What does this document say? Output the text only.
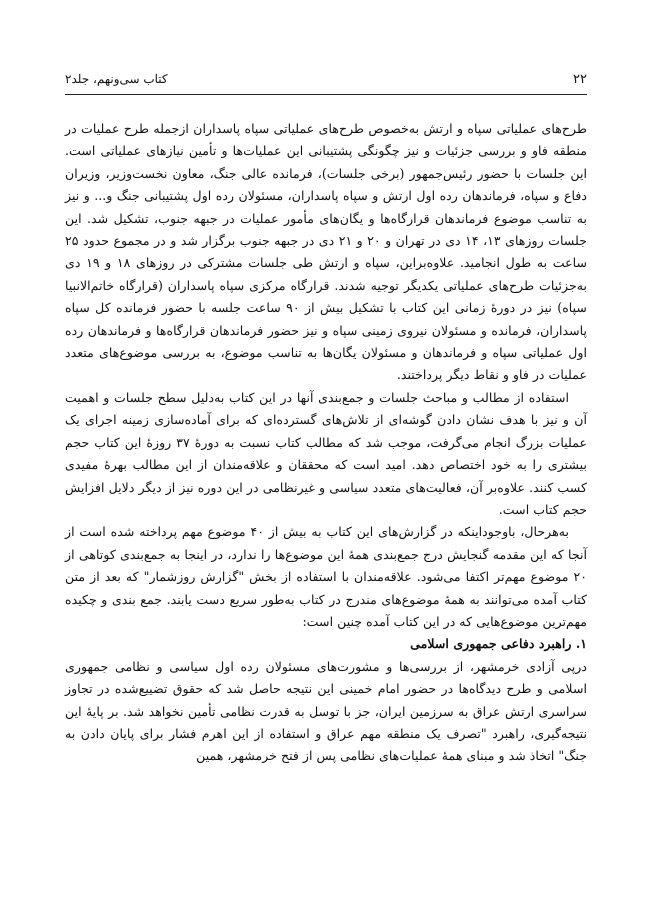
۲۲
کتاب سی‌ونهم، جلد۲

طرح‌های عملیاتی سپاه و ارتش به‌خصوص طرح‌های عملیاتی سپاه پاسداران ازجمله طرح عملیات در منطقه فاو و بررسی جزئیات و نیز چگونگی پشتیبانی این عملیات‌ها و تأمین نیازهای عملیاتی است. این جلسات با حضور رئیس‌جمهور (برخی جلسات)، فرمانده عالی جنگ، معاون نخست‌وزیر، وزیران دفاع و سپاه، فرماندهان رده اول ارتش و سپاه پاسداران، مسئولان رده اول پشتیبانی جنگ و... و نیز به تناسب موضوع فرماندهان قرارگاه‌ها و یگان‌های مأمور عملیات در جبهه جنوب، تشکیل شد. این جلسات روزهای ۱۳، ۱۴ دی در تهران و ۲۰ و ۲۱ دی در جبهه جنوب برگزار شد و در مجموع حدود ۲۵ ساعت به طول انجامید. علاوه‌براین، سپاه و ارتش طی جلسات مشترکی در روزهای ۱۸ و ۱۹ دی به‌جزئیات طرح‌های عملیاتی یکدیگر توجیه شدند. قرارگاه مرکزی سپاه پاسداران (قرارگاه خاتم‌الانبیا سپاه) نیز در دورهٔ زمانی این کتاب با تشکیل بیش از ۹۰ ساعت جلسه با حضور فرمانده کل سپاه پاسداران، فرمانده و مسئولان نیروی زمینی سپاه و نیز حضور فرماندهان قرارگاه‌ها و فرماندهان رده اول عملیاتی سپاه و فرماندهان و مسئولان یگان‌ها به تناسب موضوع، به بررسی موضوع‌های متعدد عملیات در فاو و نقاط دیگر پرداختند.

استفاده از مطالب و مباحث جلسات و جمع‌بندی آنها در این کتاب به‌دلیل سطح جلسات و اهمیت آن و نیز با هدف نشان دادن گوشه‌ای از تلاش‌های گسترده‌ای که برای آماده‌سازی زمینه اجرای یک عملیات بزرگ انجام می‌گرفت، موجب شد که مطالب کتاب نسبت به دورهٔ ۳۷ روزهٔ این کتاب حجم بیشتری را به خود اختصاص دهد. امید است که محققان و علاقه‌مندان از این مطالب بهرهٔ مفیدی کسب کنند. علاوه‌بر آن، فعالیت‌های متعدد سیاسی و غیرنظامی در این دوره نیز از دیگر دلایل افزایش حجم کتاب است.

به‌هرحال، باوجوداینکه در گزارش‌های این کتاب به بیش از ۴۰ موضوع مهم پرداخته شده است از آنجا که این مقدمه گنجایش درج جمع‌بندی همهٔ این موضوع‌ها را ندارد، در اینجا به جمع‌بندی کوتاهی از ۲۰ موضوع مهم‌تر اکتفا می‌شود. علاقه‌مندان با استفاده از بخش "گزارش روزشمار" که بعد از متن کتاب آمده می‌توانند به همهٔ موضوع‌های مندرج در کتاب به‌طور سریع دست یابند. جمع بندی و چکیده مهم‌ترین موضوع‌هایی که در این کتاب آمده چنین است:

۱. راهبرد دفاعی جمهوری اسلامی

درپی آزادی خرمشهر، از بررسی‌ها و مشورت‌های مسئولان رده اول سیاسی و نظامی جمهوری اسلامی و طرح دیدگاه‌ها در حضور امام خمینی این نتیجه حاصل شد که حقوق تضییع‌شده در تجاوز سراسری ارتش عراق به سرزمین ایران، جز با توسل به قدرت نظامی تأمین نخواهد شد. بر پایهٔ این نتیجه‌گیری، راهبرد "تصرف یک منطقه مهم عراق و استفاده از این اهرم فشار برای پایان دادن به جنگ" اتخاذ شد و مبنای همهٔ عملیات‌های نظامی پس از فتح خرمشهر، همین
